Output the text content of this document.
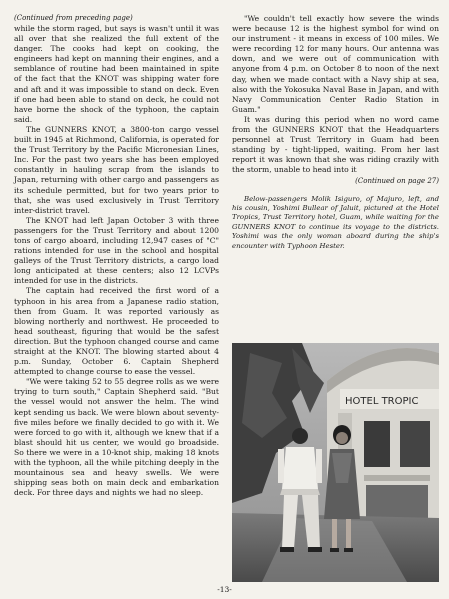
(Continued from preceding page)

while the storm raged, but says is wasn't until it was all over that she realized the full extent of the danger. The cooks had kept on cooking, the engineers had kept on manning their engines, and a semblance of routine had been maintained in spite of the fact that the KNOT was shipping water fore and aft and it was impossible to stand on deck. Even if one had been able to stand on deck, he could not have borne the shock of the typhoon, the captain said.

The GUNNERS KNOT, a 3800-ton cargo vessel built in 1945 at Richmond, California, is operated for the Trust Territory by the Pacific Micronesian Lines, Inc. For the past two years she has been employed constantly in hauling scrap from the islands to Japan, returning with other cargo and passengers as its schedule permitted, but for two years prior to that, she was used exclusively in Trust Territory inter-district travel.

The KNOT had left Japan October 3 with three passengers for the Trust Territory and about 1200 tons of cargo aboard, including 12,947 cases of "C" rations intended for use in the school and hospital galleys of the Trust Territory districts, a cargo load long anticipated at these centers; also 12 LCVPs intended for use in the districts.

The captain had received the first word of a typhoon in his area from a Japanese radio station, then from Guam. It was reported variously as blowing northerly and northwest. He proceeded to head southeast, figuring that would be the safest direction. But the typhoon changed course and came straight at the KNOT. The blowing started about 4 p.m. Sunday, October 6. Captain Shepherd attempted to change course to ease the vessel.

"We were taking 52 to 55 degree rolls as we were trying to turn south," Captain Shepherd said. "But the vessel would not answer the helm. The wind kept sending us back. We were blown about seventy-five miles before we finally decided to go with it. We were forced to go with it, although we knew that if a blast should hit us center, we would go broadside. So there we were in a 10-knot ship, making 18 knots with the typhoon, all the while pitching deeply in the mountainous sea and heavy swells. We were shipping seas both on main deck and embarkation deck. For three days and nights we had no sleep.

"We couldn't tell exactly how severe the winds were because 12 is the highest symbol for wind on our instrument - it means in excess of 100 miles. We were recording 12 for many hours. Our antenna was down, and we were out of communication with anyone from 4 p.m. on October 8 to noon of the next day, when we made contact with a Navy ship at sea, also with the Yokosuka Naval Base in Japan, and with Navy Communication Center Radio Station in Guam."

It was during this period when no word came from the GUNNERS KNOT that the Headquarters personnel at Trust Territory in Guam had been standing by - tight-lipped, waiting. From her last report it was known that she was riding crazily with the storm, unable to head into it

(Continued on page 27)
Below-passengers Molik Isiguro, of Majuro, left, and his cousin, Yoshimi Bullear of Jaluit, pictured at the Hotel Tropics, Trust Territory hotel, Guam, while waiting for the GUNNERS KNOT to continue its voyage to the districts. Yoshimi was the only woman aboard during the ship's encounter with Typhoon Hester.
HOTEL TROPIC
-13-
